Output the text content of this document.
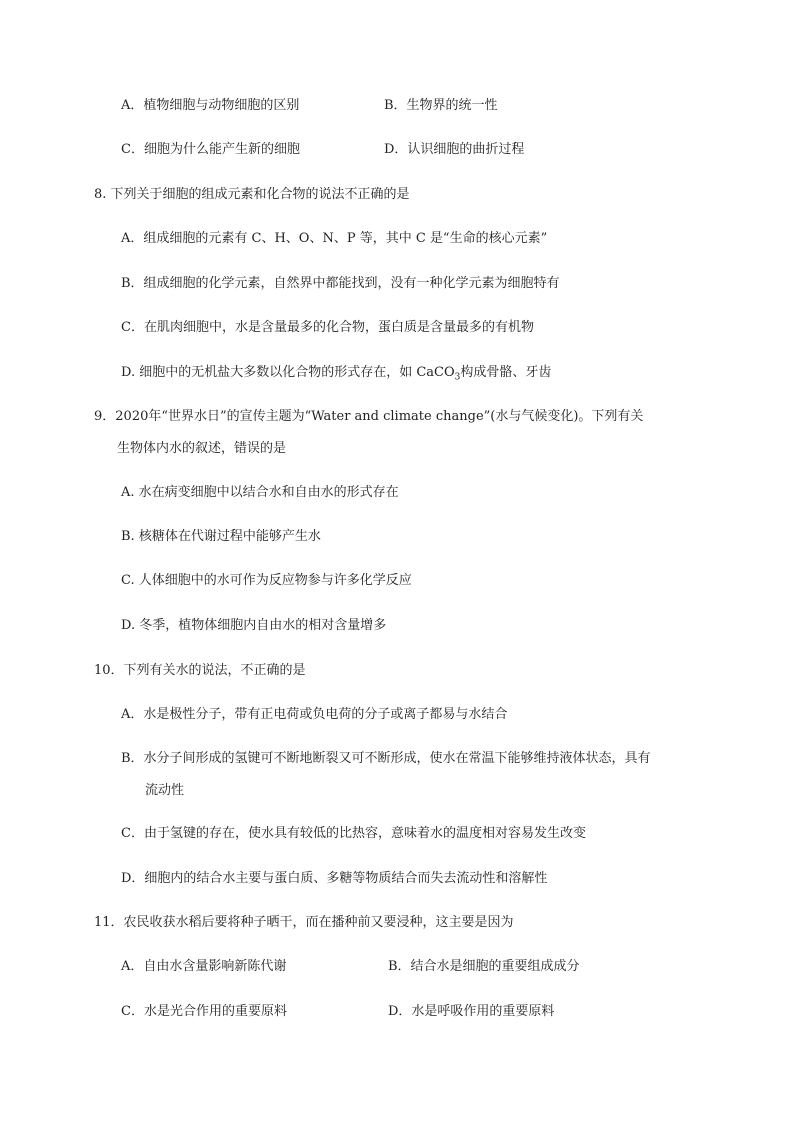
A．植物细胞与动物细胞的区别	B．生物界的统一性
C．细胞为什么能产生新的细胞	D．认识细胞的曲折过程
8. 下列关于细胞的组成元素和化合物的说法不正确的是
A．组成细胞的元素有 C、H、O、N、P 等，其中 C 是“生命的核心元素”
B．组成细胞的化学元素，自然界中都能找到，没有一种化学元素为细胞特有
C．在肌肉细胞中，水是含量最多的化合物，蛋白质是含量最多的有机物
D. 细胞中的无机盐大多数以化合物的形式存在，如 CaCO$_3$构成骨骼、牙齿
9．2020年“世界水日”的宣传主题为“Water and climate change”(水与气候变化)。下列有关
生物体内水的叙述，错误的是
A. 水在病变细胞中以结合水和自由水的形式存在
B. 核糖体在代谢过程中能够产生水
C. 人体细胞中的水可作为反应物参与许多化学反应
D. 冬季，植物体细胞内自由水的相对含量增多
10．下列有关水的说法，不正确的是
A．水是极性分子，带有正电荷或负电荷的分子或离子都易与水结合
B．水分子间形成的氢键可不断地断裂又可不断形成，使水在常温下能够维持液体状态，具有
流动性
C．由于氢键的存在，使水具有较低的比热容，意味着水的温度相对容易发生改变
D．细胞内的结合水主要与蛋白质、多糖等物质结合而失去流动性和溶解性
11．农民收获水稻后要将种子晒干，而在播种前又要浸种，这主要是因为
A．自由水含量影响新陈代谢	B．结合水是细胞的重要组成成分
C．水是光合作用的重要原料	D．水是呼吸作用的重要原料
